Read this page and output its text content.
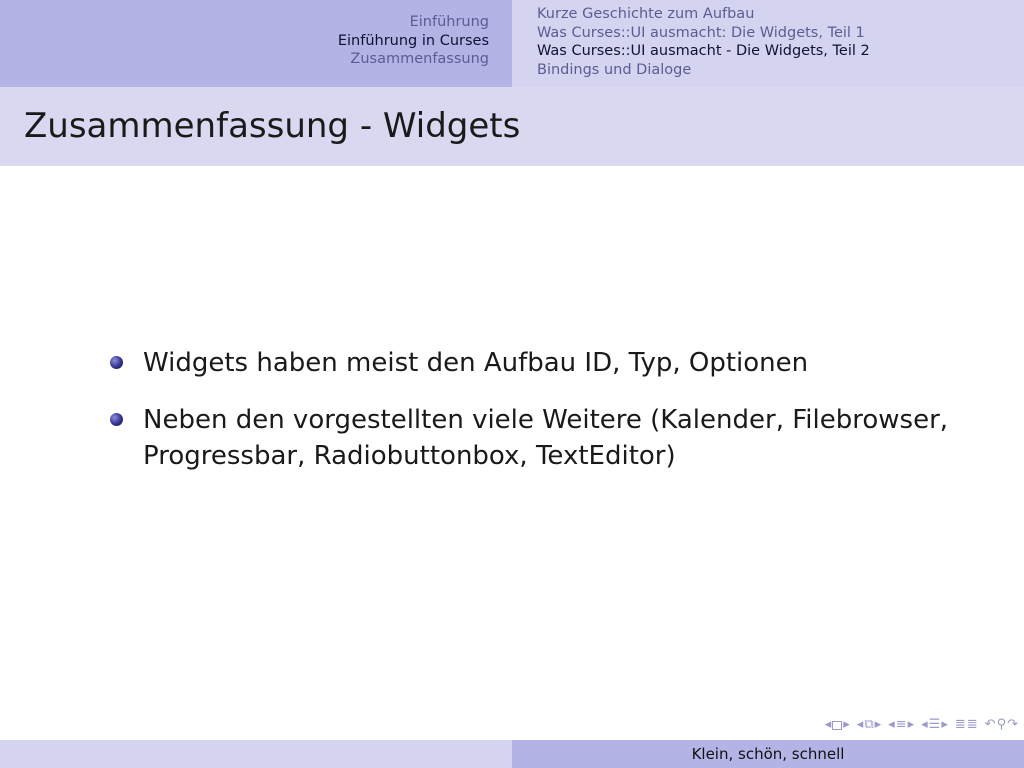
Einführung
Einführung in Curses
Zusammenfassung
Kurze Geschichte zum Aufbau
Was Curses::UI ausmacht: Die Widgets, Teil 1
Was Curses::UI ausmacht - Die Widgets, Teil 2
Bindings und Dialoge
Zusammenfassung - Widgets
Widgets haben meist den Aufbau ID, Typ, Optionen
Neben den vorgestellten viele Weitere (Kalender, Filebrowser,
Progressbar, Radiobuttonbox, TextEditor)
◂ ▸ ◂ ⧉ ▸ ◂ ≡ ▸ ◂ ☰ ▸ ≣ ≣ ↶ ⚲ ↷
Klein, schön, schnell
